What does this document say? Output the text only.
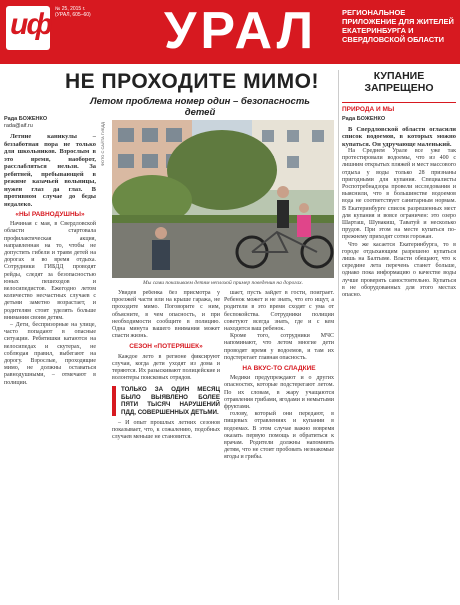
иф № 25, 2015 г.
(УРАЛ, 605–60) УРАЛ	РЕГИОНАЛЬНОЕ ПРИЛОЖЕНИЕ ДЛЯ ЖИТЕЛЕЙ ЕКАТЕРИНБУРГА И СВЕРДЛОВСКОЙ ОБЛАСТИ
НЕ ПРОХОДИТЕ МИМО!
Летом проблема номер один – безопасность детей
Рада БОЖЕНКО
rada@aif.ru

Летние каникулы – беззаботная пора не только для школьников. Взрослым в это время, наоборот, расслабляться нельзя. За ребятней, пребывающей в режиме казачьей вольницы, нужен глаз да глаз. В противном случае до беды недалеко.

«НЫ РАВНОДУШНЫ»

Начиная с мая, в Свердловской области стартовала профилактическая акция, направленная на то, чтобы не допустить гибели и травм детей на дорогах и во время отдыха. Сотрудники ГИБДД проводят рейды, следят за безопасностью юных пешеходов и велосипедистов. Ежегодно летом количество несчастных случаев с детьми заметно возрастает, и родителям стоит уделять больше внимания своим детям.

– Дети, беспризорные на улице, часто попадают в опасные ситуации. Ребятишки катаются на велосипедах и скутерах, не соблюдая правил, выбегают на дорогу. Взрослые, проходящие мимо, не должны оставаться равнодушными, – отмечают в полиции.

ФОТО С САЙТА ГИБДД
Мы сами показываем детям неплохой пример поведения на дорогах.

Увидев ребенка без присмотра у проезжей части или на крыше гаража, не проходите мимо. Поговорите с ним, объясните, в чем опасность, и при необходимости сообщите в полицию. Одна минута вашего внимания может спасти жизнь.

СЕЗОН «ПОТЕРЯШЕК»

Каждое лето в регионе фиксируют случаи, когда дети уходят из дома и теряются. Их разыскивают полицейские и волонтеры поисковых отрядов.

ТОЛЬКО ЗА ОДИН МЕСЯЦ БЫЛО ВЫЯВЛЕНО БОЛЕЕ ПЯТИ ТЫСЯЧ НАРУШЕНИЙ ПДД, СОВЕРШЕННЫХ ДЕТЬМИ.

– И опыт прошлых летних сезонов показывает, что, к сожалению, подобных случаев меньше не становится.

шает, пусть зайдет в гости, поиграет. Ребенок может и не знать, что его ищут, а родители в это время сходят с ума от беспокойства. Сотрудники полиции советуют всегда знать, где и с кем находится ваш ребенок.

Кроме того, сотрудники МЧС напоминают, что летом многие дети проводят время у водоемов, и там их подстерегает главная опасность.

НА ВКУС-ТО СЛАДКИЕ

Медики предупреждают и о других опасностях, которые подстерегают летом. По их словам, в жару учащаются отравления грибами, ягодами и немытыми фруктами.

голову, который они передают, в пищевых отравлениях и купании в водоемах. В этом случае важно вовремя оказать первую помощь и обратиться к врачам. Родители должны напомнить детям, что не стоит пробовать незнакомые ягоды и грибы.

КУПАНИЕ ЗАПРЕЩЕНО
ПРИРОДА И МЫ
Рада БОЖЕНКО

В Свердловской области огласили список водоемов, в которых можно купаться. Он удручающе маленький.

На Среднем Урале все уже так протестировали водоемы, что из 400 с лишним открытых пляжей и мест массового отдыха у воды только 28 признаны пригодными для купания. Специалисты Роспотребнадзора провели исследования и выяснили, что в большинстве водоемов вода не соответствует санитарным нормам. В Екатеринбурге список разрешенных мест для купания и вовсе ограничен: это озеро Шарташ, Шувакиш, Таватуй и несколько прудов. При этом на месте купаться по-прежнему приходят сотни горожан.

Что же касается Екатеринбурга, то в городе отдыхающим разрешено купаться лишь на Балтыме. Власти обещают, что к середине лета перечень станет больше, однако пока информацию о качестве воды лучше проверять самостоятельно. Купаться в не оборудованных для этого местах опасно.
